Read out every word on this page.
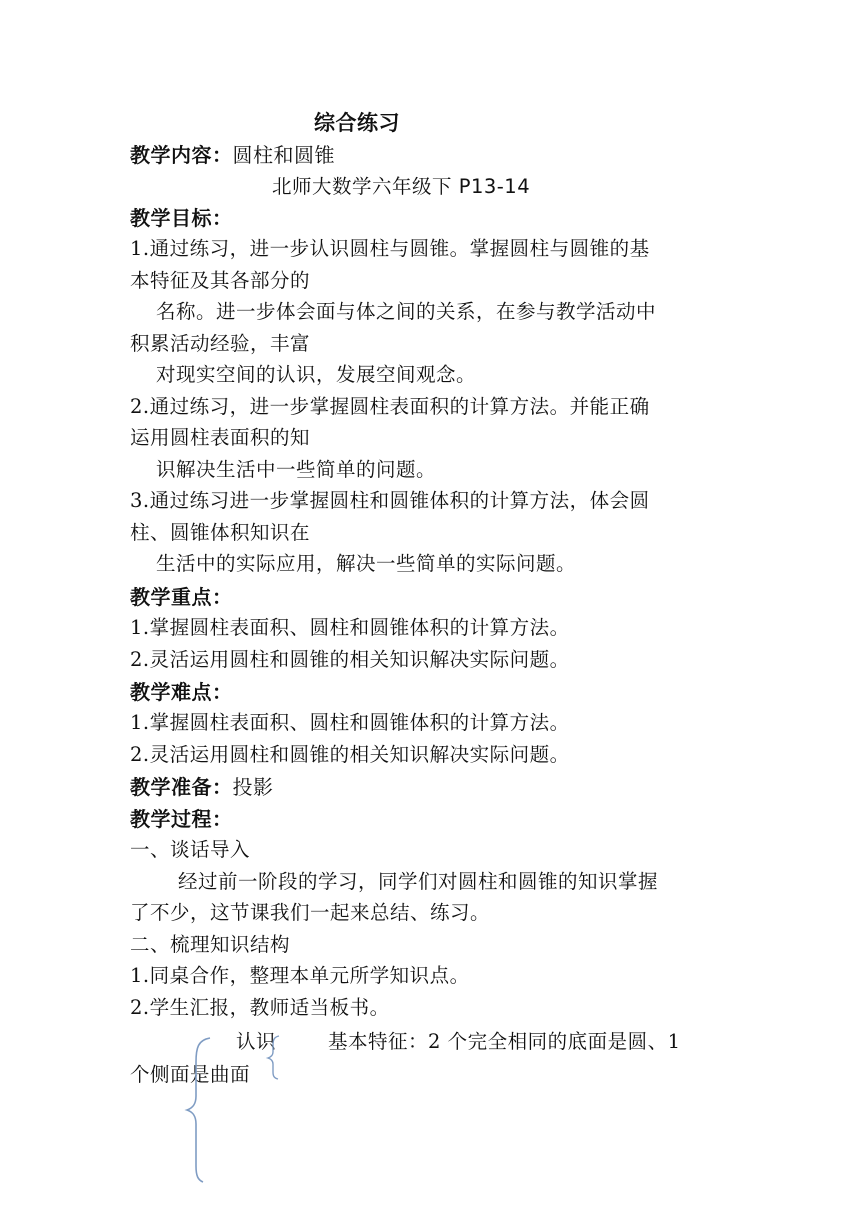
综合练习
教学内容：圆柱和圆锥
北师大数学六年级下 P13-14
教学目标：
1.通过练习，进一步认识圆柱与圆锥。掌握圆柱与圆锥的基
本特征及其各部分的
名称。进一步体会面与体之间的关系，在参与教学活动中
积累活动经验，丰富
对现实空间的认识，发展空间观念。
2.通过练习，进一步掌握圆柱表面积的计算方法。并能正确
运用圆柱表面积的知
识解决生活中一些简单的问题。
3.通过练习进一步掌握圆柱和圆锥体积的计算方法，体会圆
柱、圆锥体积知识在
生活中的实际应用，解决一些简单的实际问题。
教学重点：
1.掌握圆柱表面积、圆柱和圆锥体积的计算方法。
2.灵活运用圆柱和圆锥的相关知识解决实际问题。
教学难点：
1.掌握圆柱表面积、圆柱和圆锥体积的计算方法。
2.灵活运用圆柱和圆锥的相关知识解决实际问题。
教学准备：投影
教学过程：
一、谈话导入
经过前一阶段的学习，同学们对圆柱和圆锥的知识掌握
了不少，这节课我们一起来总结、练习。
二、梳理知识结构
1.同桌合作，整理本单元所学知识点。
2.学生汇报，教师适当板书。
认识	基本特征：2 个完全相同的底面是圆、1
个侧面是曲面
